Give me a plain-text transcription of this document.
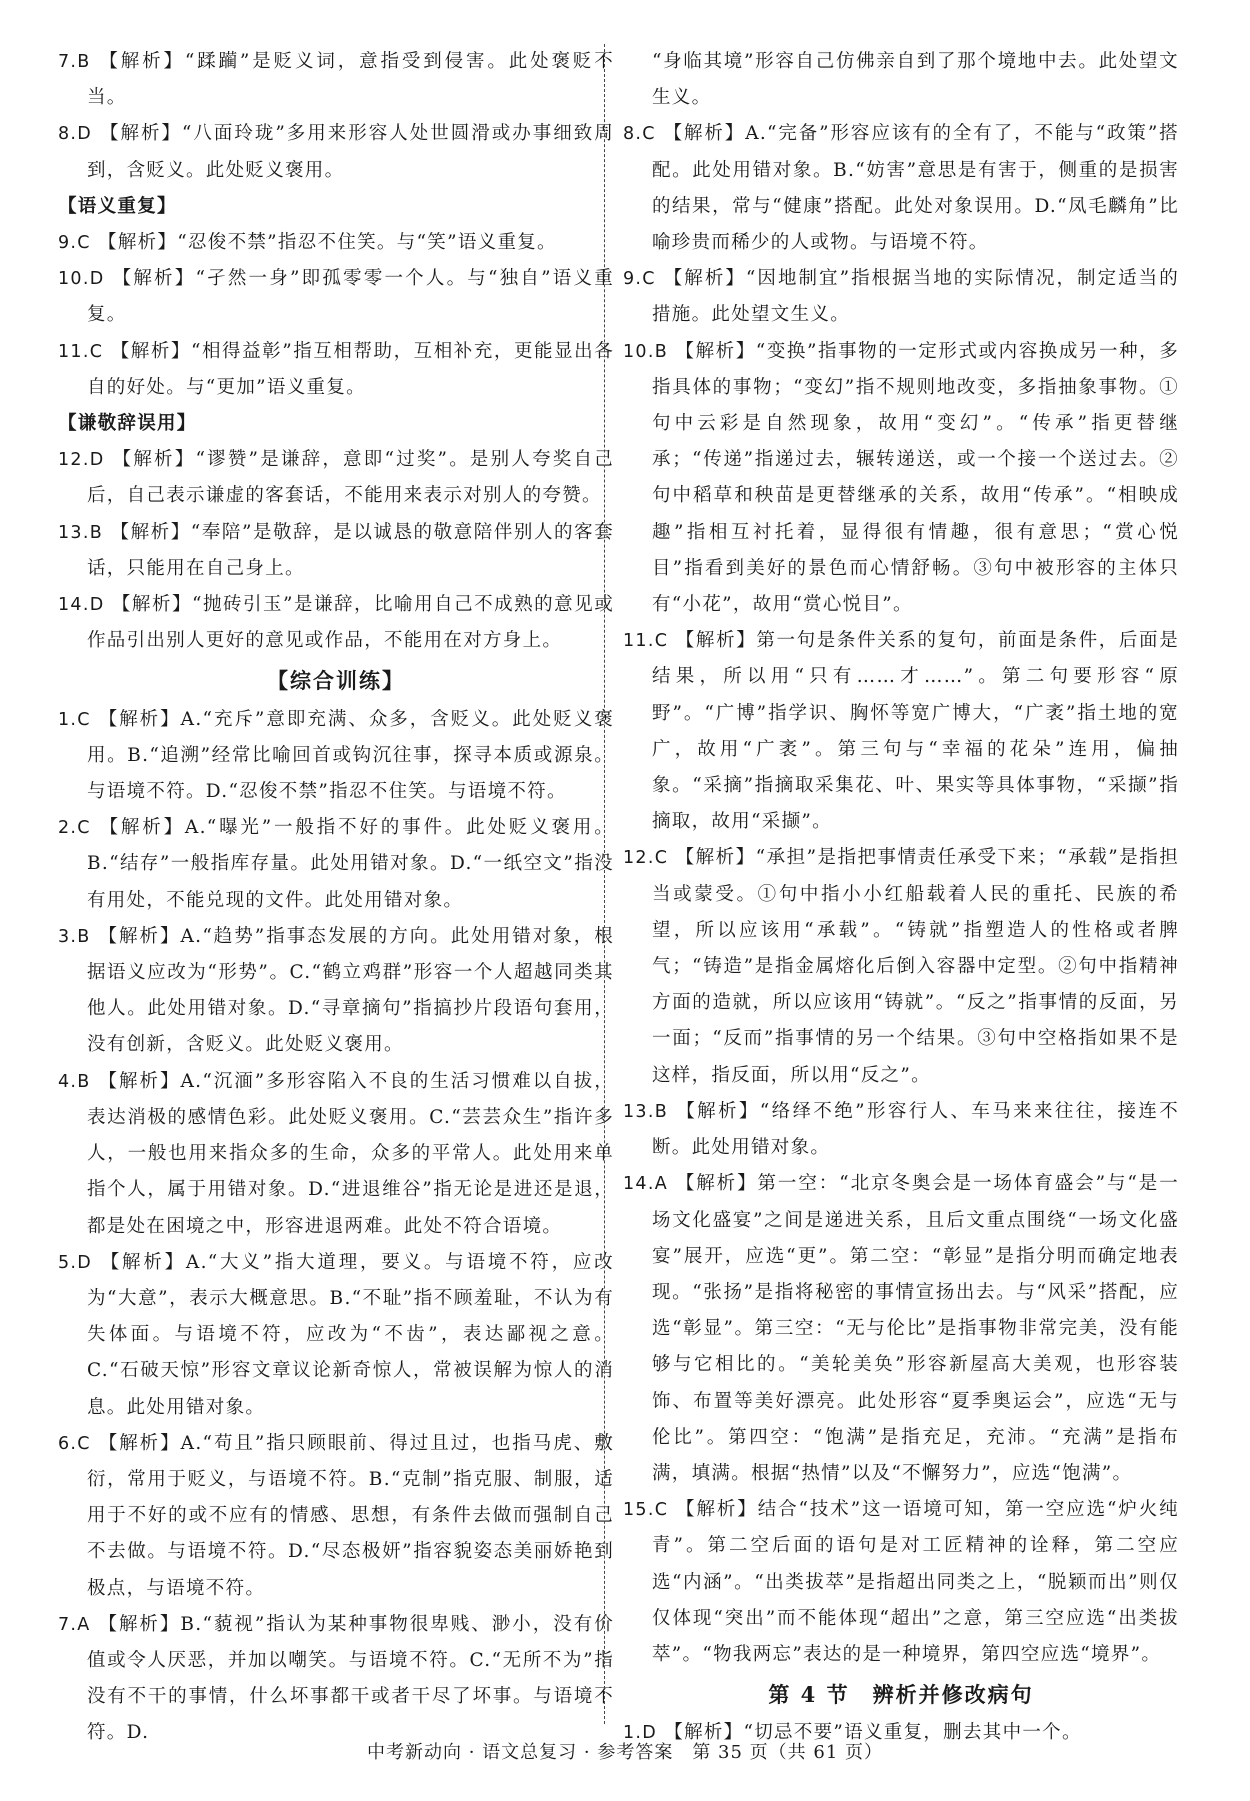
7.B 【解析】“蹂躏”是贬义词，意指受到侵害。此处褒贬不当。

8.D 【解析】“八面玲珑”多用来形容人处世圆滑或办事细致周到，含贬义。此处贬义褒用。

【语义重复】

9.C 【解析】“忍俊不禁”指忍不住笑。与“笑”语义重复。

10.D 【解析】“孑然一身”即孤零零一个人。与“独自”语义重复。

11.C 【解析】“相得益彰”指互相帮助，互相补充，更能显出各自的好处。与“更加”语义重复。

【谦敬辞误用】

12.D 【解析】“谬赞”是谦辞，意即“过奖”。是别人夸奖自己后，自己表示谦虚的客套话，不能用来表示对别人的夸赞。

13.B 【解析】“奉陪”是敬辞，是以诚恳的敬意陪伴别人的客套话，只能用在自己身上。

14.D 【解析】“抛砖引玉”是谦辞，比喻用自己不成熟的意见或作品引出别人更好的意见或作品，不能用在对方身上。

【综合训练】

1.C 【解析】A.“充斥”意即充满、众多，含贬义。此处贬义褒用。B.“追溯”经常比喻回首或钩沉往事，探寻本质或源泉。与语境不符。D.“忍俊不禁”指忍不住笑。与语境不符。

2.C 【解析】A.“曝光”一般指不好的事件。此处贬义褒用。B.“结存”一般指库存量。此处用错对象。D.“一纸空文”指没有用处，不能兑现的文件。此处用错对象。

3.B 【解析】A.“趋势”指事态发展的方向。此处用错对象，根据语义应改为“形势”。C.“鹤立鸡群”形容一个人超越同类其他人。此处用错对象。D.“寻章摘句”指搞抄片段语句套用，没有创新，含贬义。此处贬义褒用。

4.B 【解析】A.“沉湎”多形容陷入不良的生活习惯难以自拔，表达消极的感情色彩。此处贬义褒用。C.“芸芸众生”指许多人，一般也用来指众多的生命，众多的平常人。此处用来单指个人，属于用错对象。D.“进退维谷”指无论是进还是退，都是处在困境之中，形容进退两难。此处不符合语境。

5.D 【解析】A.“大义”指大道理，要义。与语境不符，应改为“大意”，表示大概意思。B.“不耻”指不顾羞耻，不认为有失体面。与语境不符，应改为“不齿”，表达鄙视之意。C.“石破天惊”形容文章议论新奇惊人，常被误解为惊人的消息。此处用错对象。

6.C 【解析】A.“苟且”指只顾眼前、得过且过，也指马虎、敷衍，常用于贬义，与语境不符。B.“克制”指克服、制服，适用于不好的或不应有的情感、思想，有条件去做而强制自己不去做。与语境不符。D.“尽态极妍”指容貌姿态美丽娇艳到极点，与语境不符。

7.A 【解析】B.“藐视”指认为某种事物很卑贱、渺小，没有价值或令人厌恶，并加以嘲笑。与语境不符。C.“无所不为”指没有不干的事情，什么坏事都干或者干尽了坏事。与语境不符。D.

“身临其境”形容自己仿佛亲自到了那个境地中去。此处望文生义。

8.C 【解析】A.“完备”形容应该有的全有了，不能与“政策”搭配。此处用错对象。B.“妨害”意思是有害于，侧重的是损害的结果，常与“健康”搭配。此处对象误用。D.“凤毛麟角”比喻珍贵而稀少的人或物。与语境不符。

9.C 【解析】“因地制宜”指根据当地的实际情况，制定适当的措施。此处望文生义。

10.B 【解析】“变换”指事物的一定形式或内容换成另一种，多指具体的事物；“变幻”指不规则地改变，多指抽象事物。①句中云彩是自然现象，故用“变幻”。“传承”指更替继承；“传递”指递过去，辗转递送，或一个接一个送过去。②句中稻草和秧苗是更替继承的关系，故用“传承”。“相映成趣”指相互衬托着，显得很有情趣，很有意思；“赏心悦目”指看到美好的景色而心情舒畅。③句中被形容的主体只有“小花”，故用“赏心悦目”。

11.C 【解析】第一句是条件关系的复句，前面是条件，后面是结果，所以用“只有……才……”。第二句要形容“原野”。“广博”指学识、胸怀等宽广博大，“广袤”指土地的宽广，故用“广袤”。第三句与“幸福的花朵”连用，偏抽象。“采摘”指摘取采集花、叶、果实等具体事物，“采撷”指摘取，故用“采撷”。

12.C 【解析】“承担”是指把事情责任承受下来；“承载”是指担当或蒙受。①句中指小小红船载着人民的重托、民族的希望，所以应该用“承载”。“铸就”指塑造人的性格或者脾气；“铸造”是指金属熔化后倒入容器中定型。②句中指精神方面的造就，所以应该用“铸就”。“反之”指事情的反面，另一面；“反而”指事情的另一个结果。③句中空格指如果不是这样，指反面，所以用“反之”。

13.B 【解析】“络绎不绝”形容行人、车马来来往往，接连不断。此处用错对象。

14.A 【解析】第一空：“北京冬奥会是一场体育盛会”与“是一场文化盛宴”之间是递进关系，且后文重点围绕“一场文化盛宴”展开，应选“更”。第二空：“彰显”是指分明而确定地表现。“张扬”是指将秘密的事情宣扬出去。与“风采”搭配，应选“彰显”。第三空：“无与伦比”是指事物非常完美，没有能够与它相比的。“美轮美奂”形容新屋高大美观，也形容装饰、布置等美好漂亮。此处形容“夏季奥运会”，应选“无与伦比”。第四空：“饱满”是指充足，充沛。“充满”是指布满，填满。根据“热情”以及“不懈努力”，应选“饱满”。

15.C 【解析】结合“技术”这一语境可知，第一空应选“炉火纯青”。第二空后面的语句是对工匠精神的诠释，第二空应选“内涵”。“出类拔萃”是指超出同类之上，“脱颖而出”则仅仅体现“突出”而不能体现“超出”之意，第三空应选“出类拔萃”。“物我两忘”表达的是一种境界，第四空应选“境界”。

第 4 节　辨析并修改病句

1.D 【解析】“切忌不要”语义重复，删去其中一个。

中考新动向 · 语文总复习 · 参考答案　第 35 页（共 61 页）
